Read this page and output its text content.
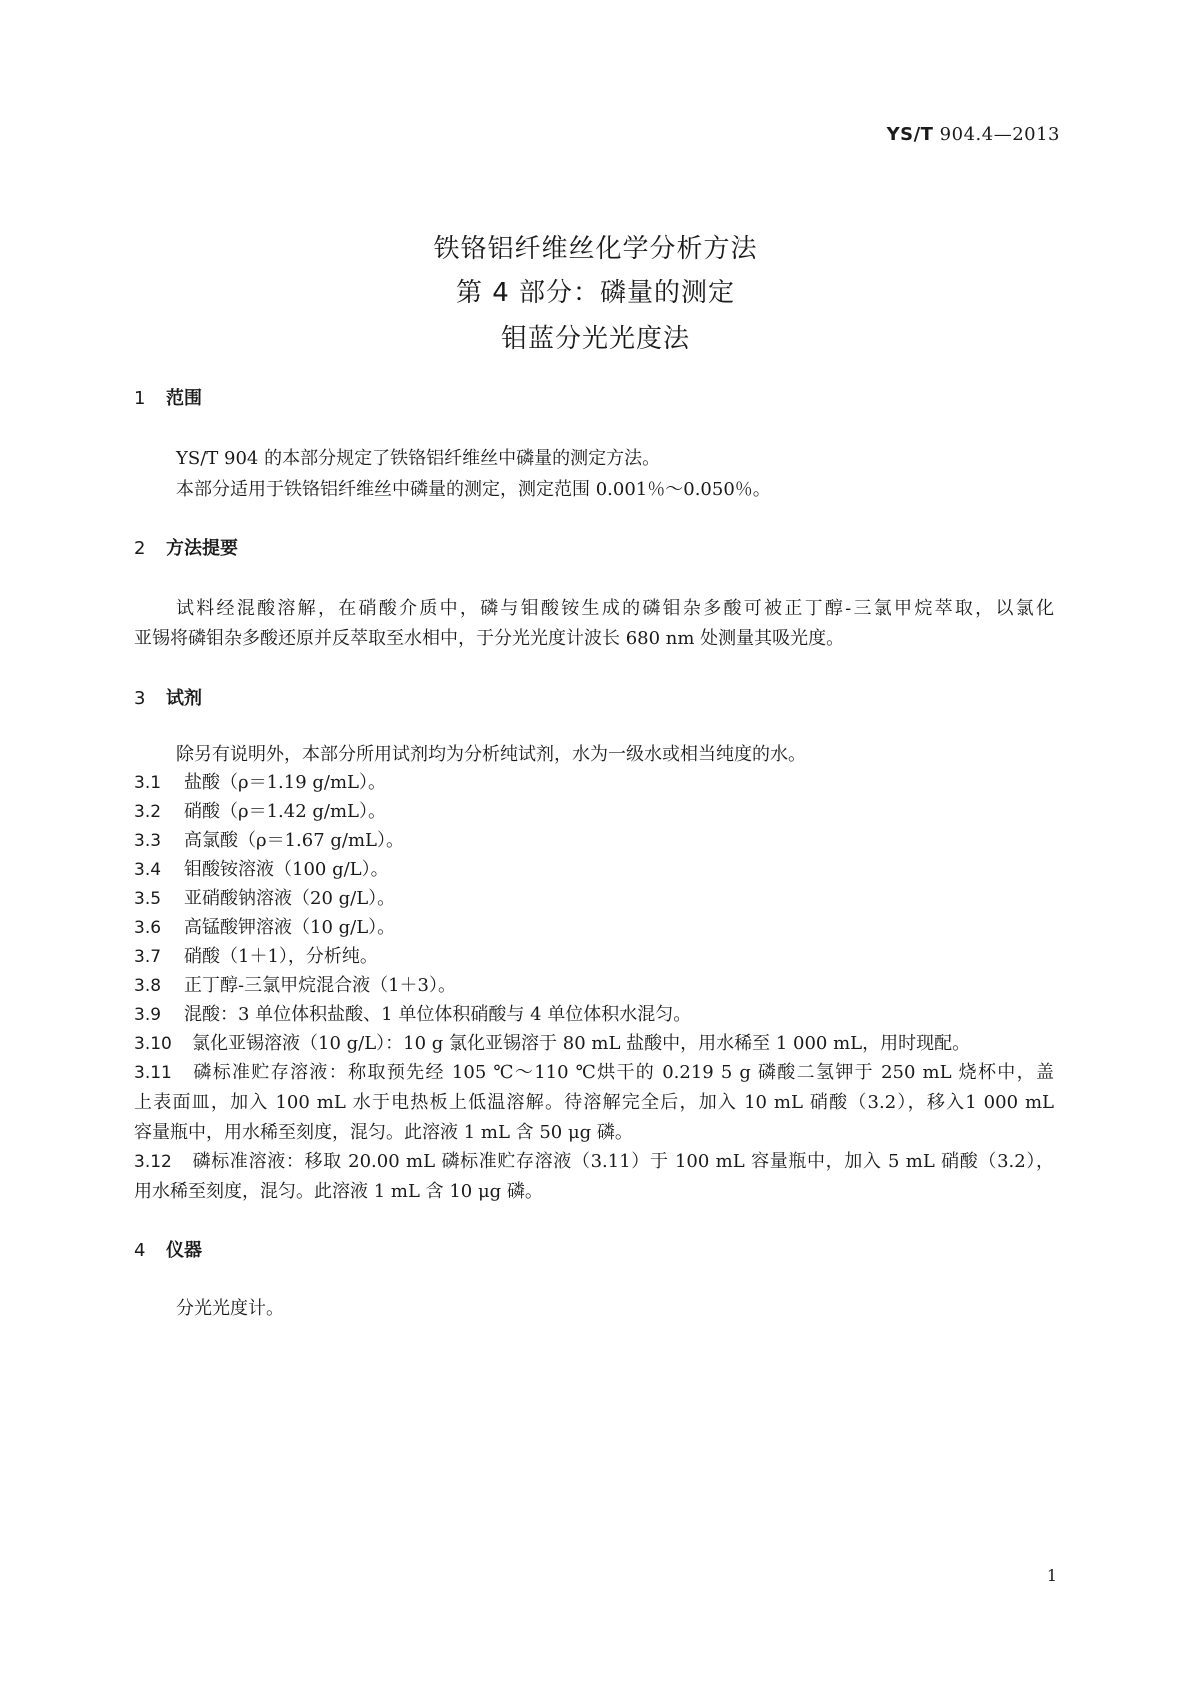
YS/T 904.4—2013
铁铬铝纤维丝化学分析方法
第 4 部分：磷量的测定
钼蓝分光光度法
1 范围
YS/T 904 的本部分规定了铁铬铝纤维丝中磷量的测定方法。
本部分适用于铁铬铝纤维丝中磷量的测定，测定范围 0.001％～0.050％。
2 方法提要
试料经混酸溶解，在硝酸介质中，磷与钼酸铵生成的磷钼杂多酸可被正丁醇-三氯甲烷萃取，以氯化
亚锡将磷钼杂多酸还原并反萃取至水相中，于分光光度计波长 680 nm 处测量其吸光度。
3 试剂
除另有说明外，本部分所用试剂均为分析纯试剂，水为一级水或相当纯度的水。
3.1 盐酸（ρ＝1.19 g/mL）。
3.2 硝酸（ρ＝1.42 g/mL）。
3.3 高氯酸（ρ＝1.67 g/mL）。
3.4 钼酸铵溶液（100 g/L）。
3.5 亚硝酸钠溶液（20 g/L）。
3.6 高锰酸钾溶液（10 g/L）。
3.7 硝酸（1＋1），分析纯。
3.8 正丁醇-三氯甲烷混合液（1＋3）。
3.9 混酸：3 单位体积盐酸、1 单位体积硝酸与 4 单位体积水混匀。
3.10 氯化亚锡溶液（10 g/L）：10 g 氯化亚锡溶于 80 mL 盐酸中，用水稀至 1 000 mL，用时现配。
3.11 磷标准贮存溶液：称取预先经 105 ℃～110 ℃烘干的 0.219 5 g 磷酸二氢钾于 250 mL 烧杯中，盖
上表面皿，加入 100 mL 水于电热板上低温溶解。待溶解完全后，加入 10 mL 硝酸（3.2），移入1 000 mL
容量瓶中，用水稀至刻度，混匀。此溶液 1 mL 含 50 μg 磷。
3.12 磷标准溶液：移取 20.00 mL 磷标准贮存溶液（3.11）于 100 mL 容量瓶中，加入 5 mL 硝酸（3.2），
用水稀至刻度，混匀。此溶液 1 mL 含 10 μg 磷。
4 仪器
分光光度计。
1
